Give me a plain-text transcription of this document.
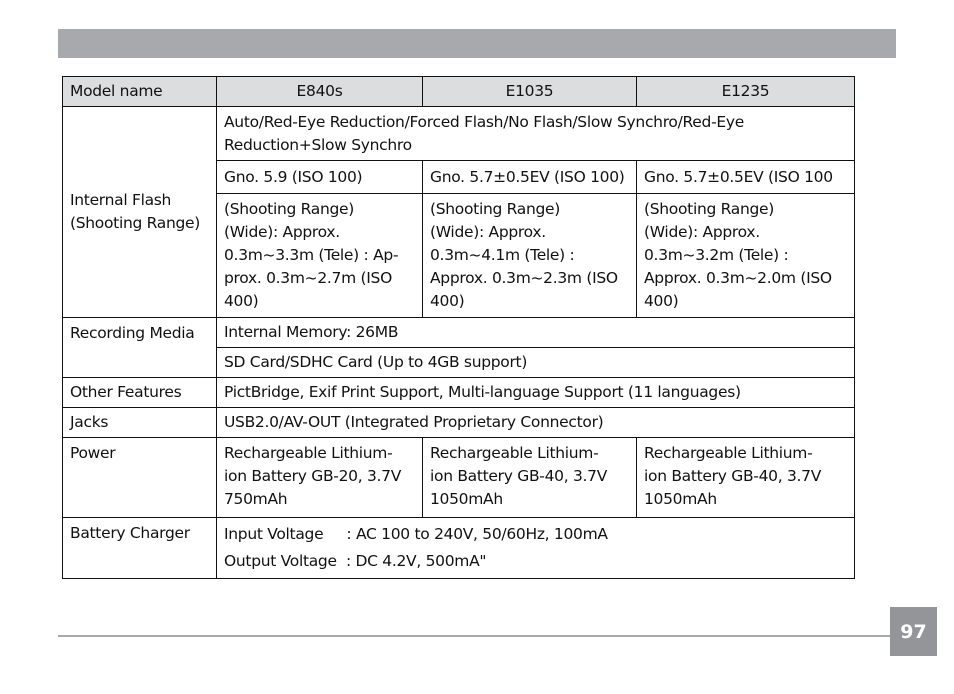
Model name	E840s	E1035	E1235

Internal Flash
(Shooting Range)	Auto/Red-Eye Reduction/Forced Flash/No Flash/Slow Synchro/Red-Eye
Reduction+Slow Synchro		

	Gno. 5.9 (ISO 100)	Gno. 5.7±0.5EV (ISO 100)	Gno. 5.7±0.5EV (ISO 100

	(Shooting Range)
(Wide): Approx.
0.3m~3.3m (Tele) : Ap-
prox. 0.3m~2.7m (ISO
400)	(Shooting Range)
(Wide): Approx.
0.3m~4.1m (Tele) :
Approx. 0.3m~2.3m (ISO
400)	(Shooting Range)
(Wide): Approx.
0.3m~3.2m (Tele) :
Approx. 0.3m~2.0m (ISO
400)

Recording Media	Internal Memory: 26MB		
	SD Card/SDHC Card (Up to 4GB support)		
Other Features	PictBridge, Exif Print Support, Multi-language Support (11 languages)		
Jacks	USB2.0/AV-OUT (Integrated Proprietary Connector)		
Power	Rechargeable Lithium-
ion Battery GB-20, 3.7V
750mAh	Rechargeable Lithium-
ion Battery GB-40, 3.7V
1050mAh	Rechargeable Lithium-
ion Battery GB-40, 3.7V
1050mAh

Battery Charger	Input Voltage     : AC 100 to 240V, 50/60Hz, 100mA
Output Voltage  : DC 4.2V, 500mA"		
97
